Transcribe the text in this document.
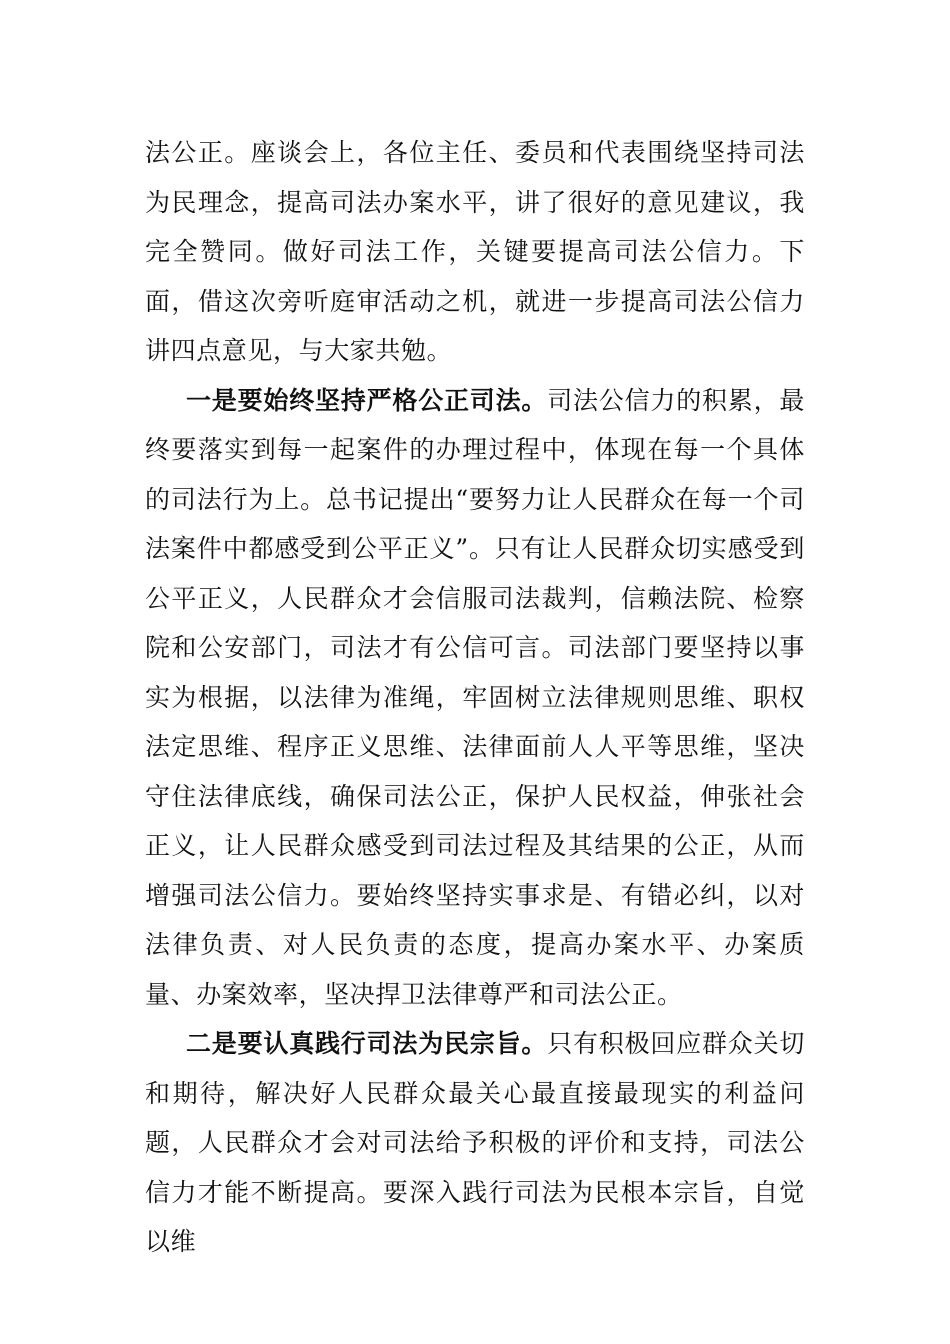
法公正。座谈会上，各位主任、委员和代表围绕坚持司法为民理念，提高司法办案水平，讲了很好的意见建议，我完全赞同。做好司法工作，关键要提高司法公信力。下面，借这次旁听庭审活动之机，就进一步提高司法公信力讲四点意见，与大家共勉。

一是要始终坚持严格公正司法。司法公信力的积累，最终要落实到每一起案件的办理过程中，体现在每一个具体的司法行为上。总书记提出“要努力让人民群众在每一个司法案件中都感受到公平正义”。只有让人民群众切实感受到公平正义，人民群众才会信服司法裁判，信赖法院、检察院和公安部门，司法才有公信可言。司法部门要坚持以事实为根据，以法律为准绳，牢固树立法律规则思维、职权法定思维、程序正义思维、法律面前人人平等思维，坚决守住法律底线，确保司法公正，保护人民权益，伸张社会正义，让人民群众感受到司法过程及其结果的公正，从而增强司法公信力。要始终坚持实事求是、有错必纠，以对法律负责、对人民负责的态度，提高办案水平、办案质量、办案效率，坚决捍卫法律尊严和司法公正。

二是要认真践行司法为民宗旨。只有积极回应群众关切和期待，解决好人民群众最关心最直接最现实的利益问题，人民群众才会对司法给予积极的评价和支持，司法公信力才能不断提高。要深入践行司法为民根本宗旨，自觉以维
